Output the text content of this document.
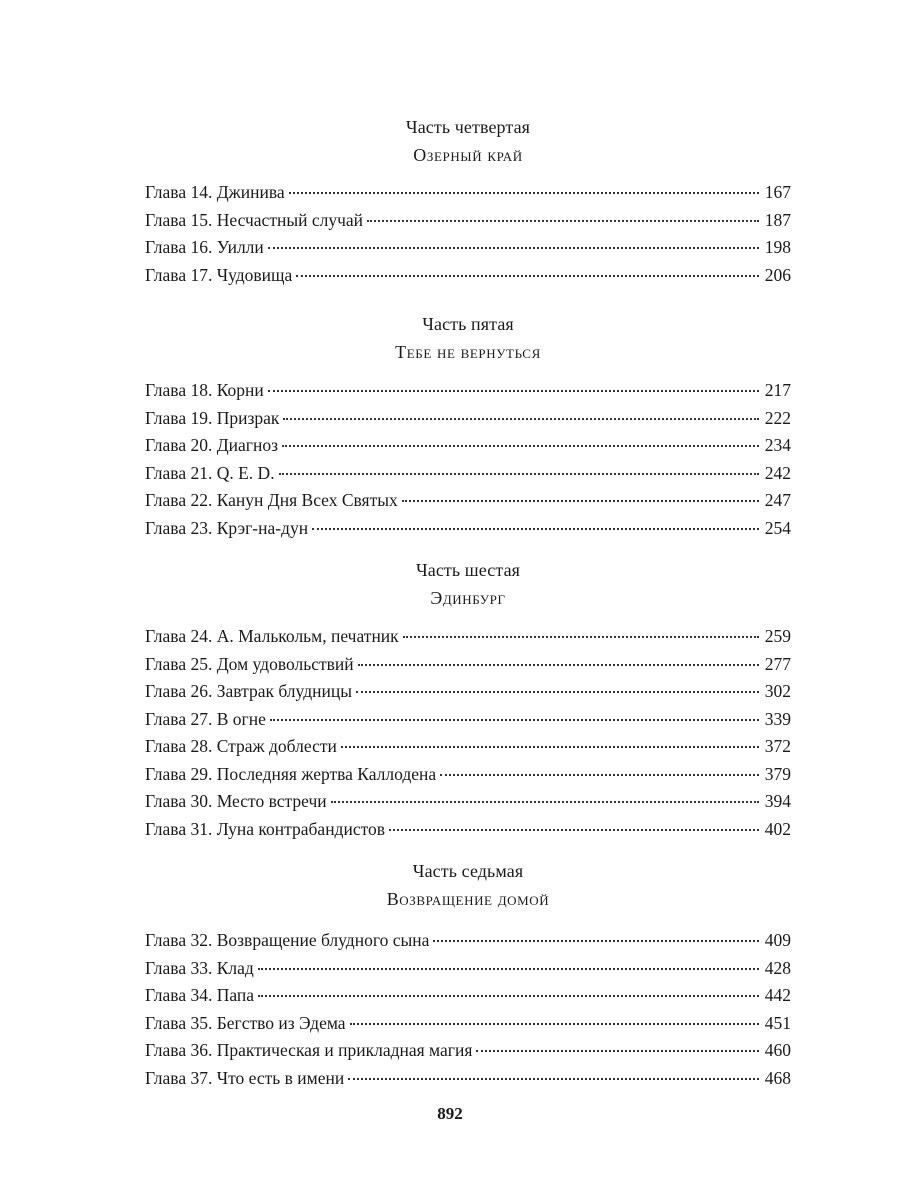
Часть четвертая
Озерный край
Глава 14. Джинива	167
Глава 15. Несчастный случай	187
Глава 16. Уилли	198
Глава 17. Чудовища	206
Часть пятая
Тебе не вернуться
Глава 18. Корни	217
Глава 19. Призрак	222
Глава 20. Диагноз	234
Глава 21. Q. E. D.	242
Глава 22. Канун Дня Всех Святых	247
Глава 23. Крэг-на-дун	254
Часть шестая
Эдинбург
Глава 24. А. Малькольм, печатник	259
Глава 25. Дом удовольствий	277
Глава 26. Завтрак блудницы	302
Глава 27. В огне	339
Глава 28. Страж доблести	372
Глава 29. Последняя жертва Каллодена	379
Глава 30. Место встречи	394
Глава 31. Луна контрабандистов	402
Часть седьмая
Возвращение домой
Глава 32. Возвращение блудного сына	409
Глава 33. Клад	428
Глава 34. Папа	442
Глава 35. Бегство из Эдема	451
Глава 36. Практическая и прикладная магия	460
Глава 37. Что есть в имени	468
892
